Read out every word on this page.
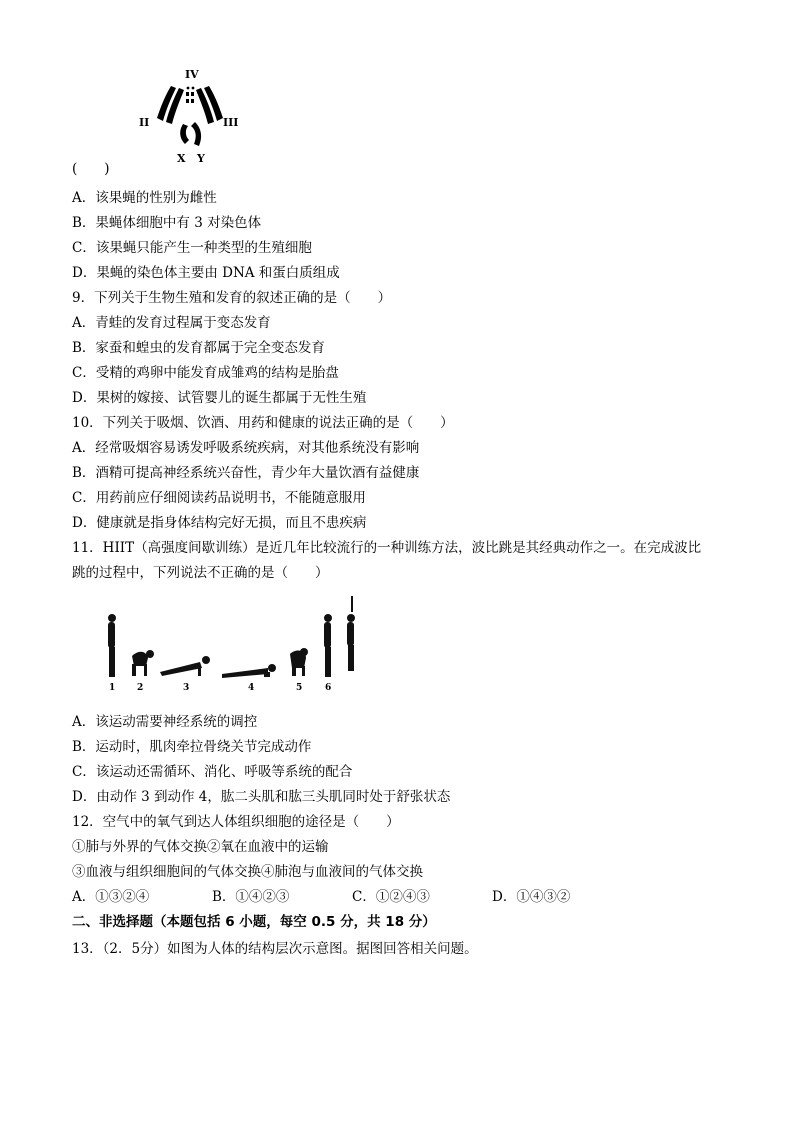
IV
II	III
X Y
(　　)
A．该果蝇的性别为雌性
B．果蝇体细胞中有 3 对染色体
C．该果蝇只能产生一种类型的生殖细胞
D．果蝇的染色体主要由 DNA 和蛋白质组成
9．下列关于生物生殖和发育的叙述正确的是（　　）
A．青蛙的发育过程属于变态发育
B．家蚕和蝗虫的发育都属于完全变态发育
C．受精的鸡卵中能发育成雏鸡的结构是胎盘
D．果树的嫁接、试管婴儿的诞生都属于无性生殖
10．下列关于吸烟、饮酒、用药和健康的说法正确的是（　　）
A．经常吸烟容易诱发呼吸系统疾病，对其他系统没有影响
B．酒精可提高神经系统兴奋性，青少年大量饮酒有益健康
C．用药前应仔细阅读药品说明书，不能随意服用
D．健康就是指身体结构完好无损，而且不患疾病
11．HIIT（高强度间歇训练）是近几年比较流行的一种训练方法，波比跳是其经典动作之一。在完成波比
跳的过程中，下列说法不正确的是（　　）
1 2	3	4	5	6
A．该运动需要神经系统的调控
B．运动时，肌肉牵拉骨绕关节完成动作
C．该运动还需循环、消化、呼吸等系统的配合
D．由动作 3 到动作 4，肱二头肌和肱三头肌同时处于舒张状态
12．空气中的氧气到达人体组织细胞的途径是（　　）
①肺与外界的气体交换②氧在血液中的运输
③血液与组织细胞间的气体交换④肺泡与血液间的气体交换
A．①③②④	B．①④②③	C．①②④③	D．①④③②
二、非选择题（本题包括 6 小题，每空 0.5 分，共 18 分）
13．（2．5分）如图为人体的结构层次示意图。据图回答相关问题。
